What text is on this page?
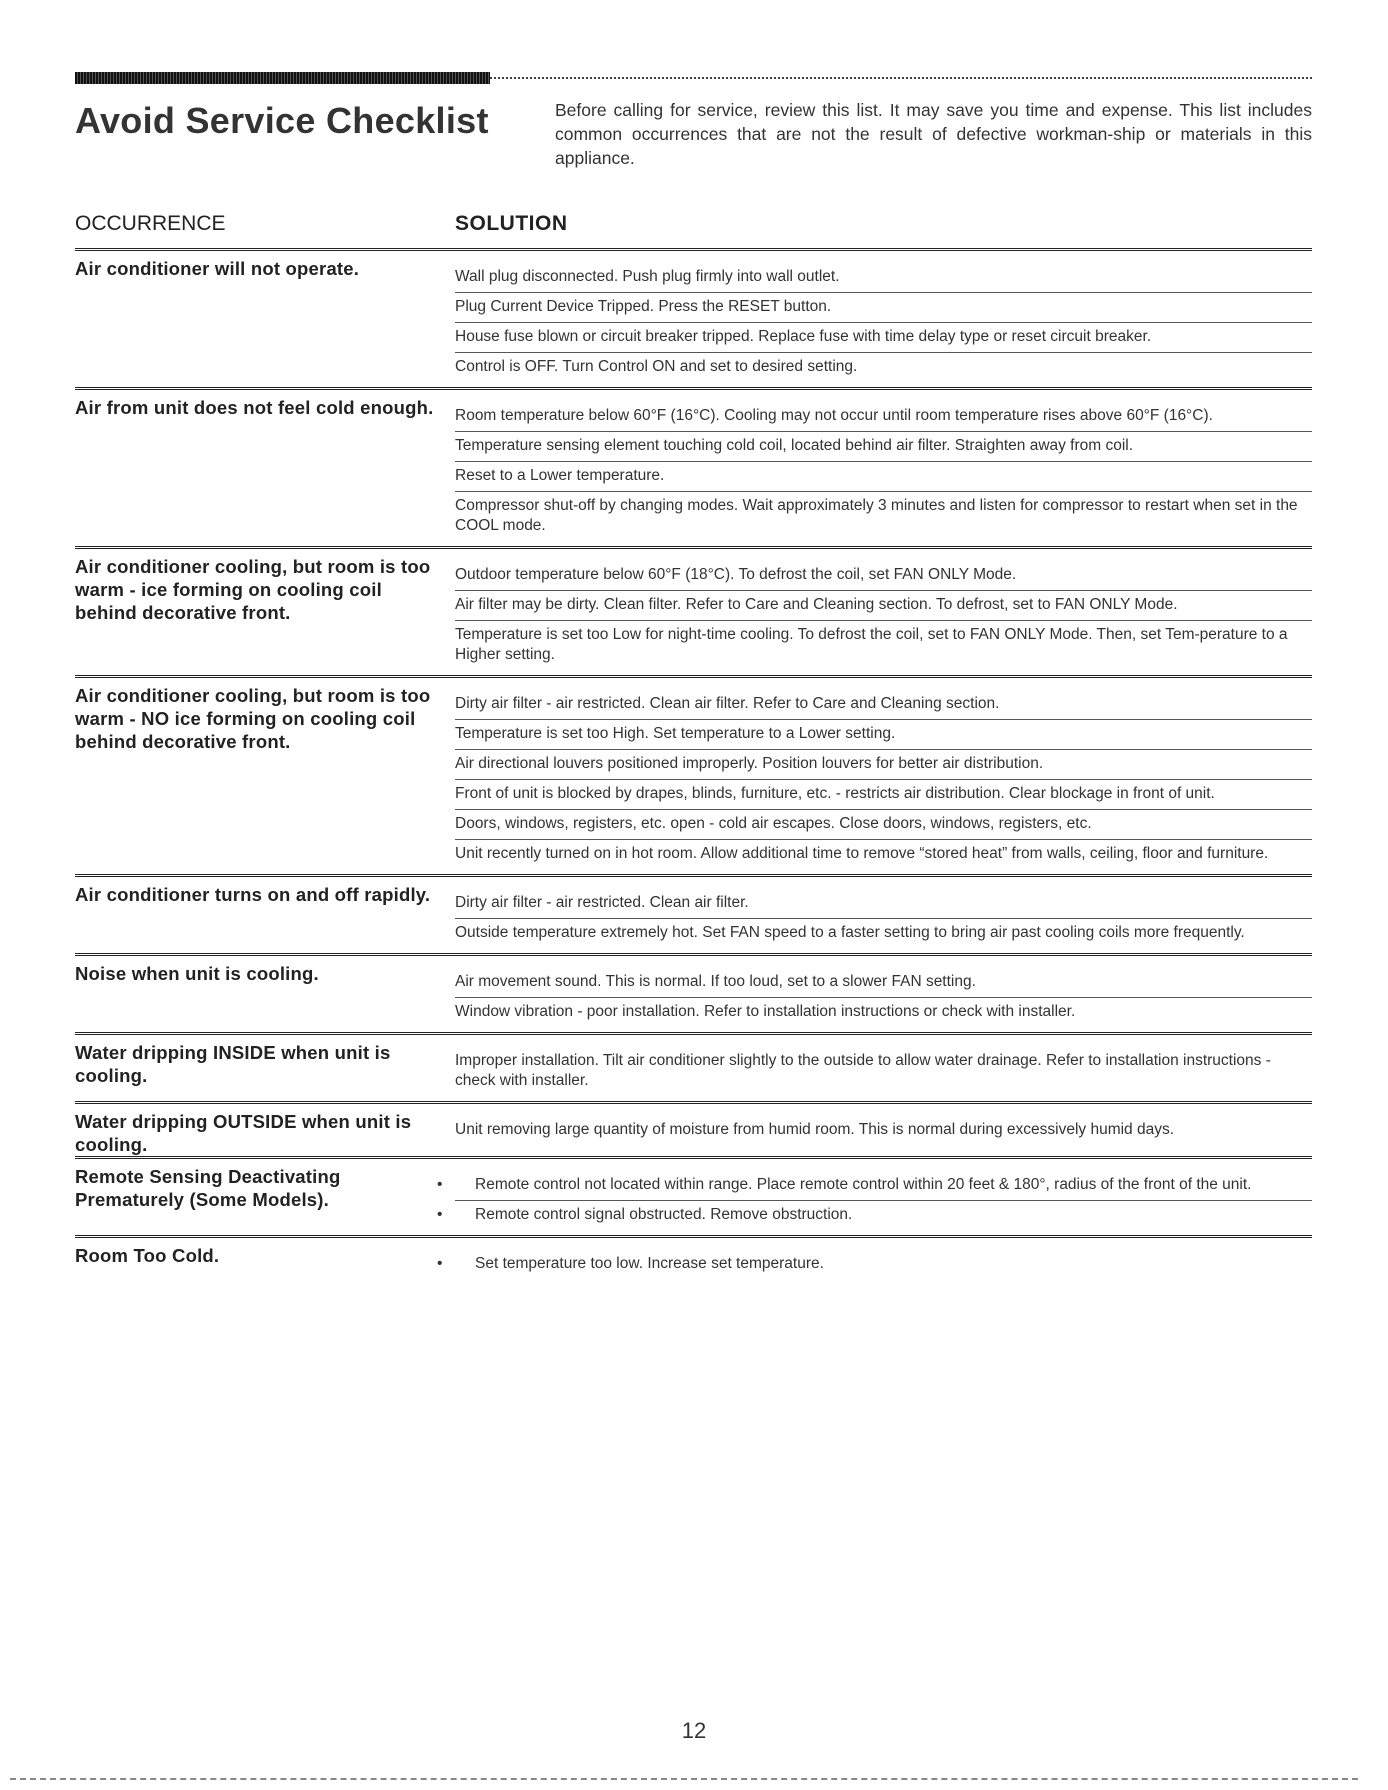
Avoid Service Checklist	Before calling for service, review this list. It may save you time and expense. This list includes common occurrences that are not the result of defective workman-ship or materials in this appliance.
OCCURRENCE	SOLUTION
Air conditioner will not operate.	Wall plug disconnected. Push plug firmly into wall outlet.
Plug Current Device Tripped. Press the RESET button.
House fuse blown or circuit breaker tripped. Replace fuse with time delay type or reset circuit breaker.
Control is OFF. Turn Control ON and set to desired setting.
Air from unit does not feel cold enough.	Room temperature below 60°F (16°C). Cooling may not occur until room temperature rises above 60°F (16°C).
Temperature sensing element touching cold coil, located behind air filter. Straighten away from coil.
Reset to a Lower temperature.
Compressor shut-off by changing modes. Wait approximately 3 minutes and listen for compressor to restart when set in the COOL mode.
Air conditioner cooling, but room is too warm - ice forming on cooling coil behind decorative front.
Outdoor temperature below 60°F (18°C). To defrost the coil, set FAN ONLY Mode.
Air filter may be dirty. Clean filter. Refer to Care and Cleaning section. To defrost, set to FAN ONLY Mode.
Temperature is set too Low for night-time cooling. To defrost the coil, set to FAN ONLY Mode. Then, set Tem-perature to a Higher setting.
Air conditioner cooling, but room is too warm - NO ice forming on cooling coil behind decorative front.
Dirty air filter - air restricted. Clean air filter. Refer to Care and Cleaning section.
Temperature is set too High. Set temperature to a Lower setting.
Air directional louvers positioned improperly. Position louvers for better air distribution.
Front of unit is blocked by drapes, blinds, furniture, etc. - restricts air distribution. Clear blockage in front of unit.
Doors, windows, registers, etc. open - cold air escapes. Close doors, windows, registers, etc.
Unit recently turned on in hot room. Allow additional time to remove “stored heat” from walls, ceiling, floor and furniture.
Air conditioner turns on and off rapidly.	Dirty air filter - air restricted. Clean air filter.
Outside temperature extremely hot. Set FAN speed to a faster setting to bring air past cooling coils more frequently.
Noise when unit is cooling.	Air movement sound. This is normal. If too loud, set to a slower FAN setting.
Window vibration - poor installation. Refer to installation instructions or check with installer.
Water dripping INSIDE when unit is cooling.
Improper installation. Tilt air conditioner slightly to the outside to allow water drainage. Refer to installation instructions - check with installer.
Water dripping OUTSIDE when unit is cooling.
Unit removing large quantity of moisture from humid room. This is normal during excessively humid days.
Remote Sensing Deactivating Prematurely (Some Models).
• Remote control not located within range. Place remote control within 20 feet & 180°, radius of the front of the unit.
• Remote control signal obstructed. Remove obstruction.
Room Too Cold.
•	Set temperature too low. Increase set temperature.
12
